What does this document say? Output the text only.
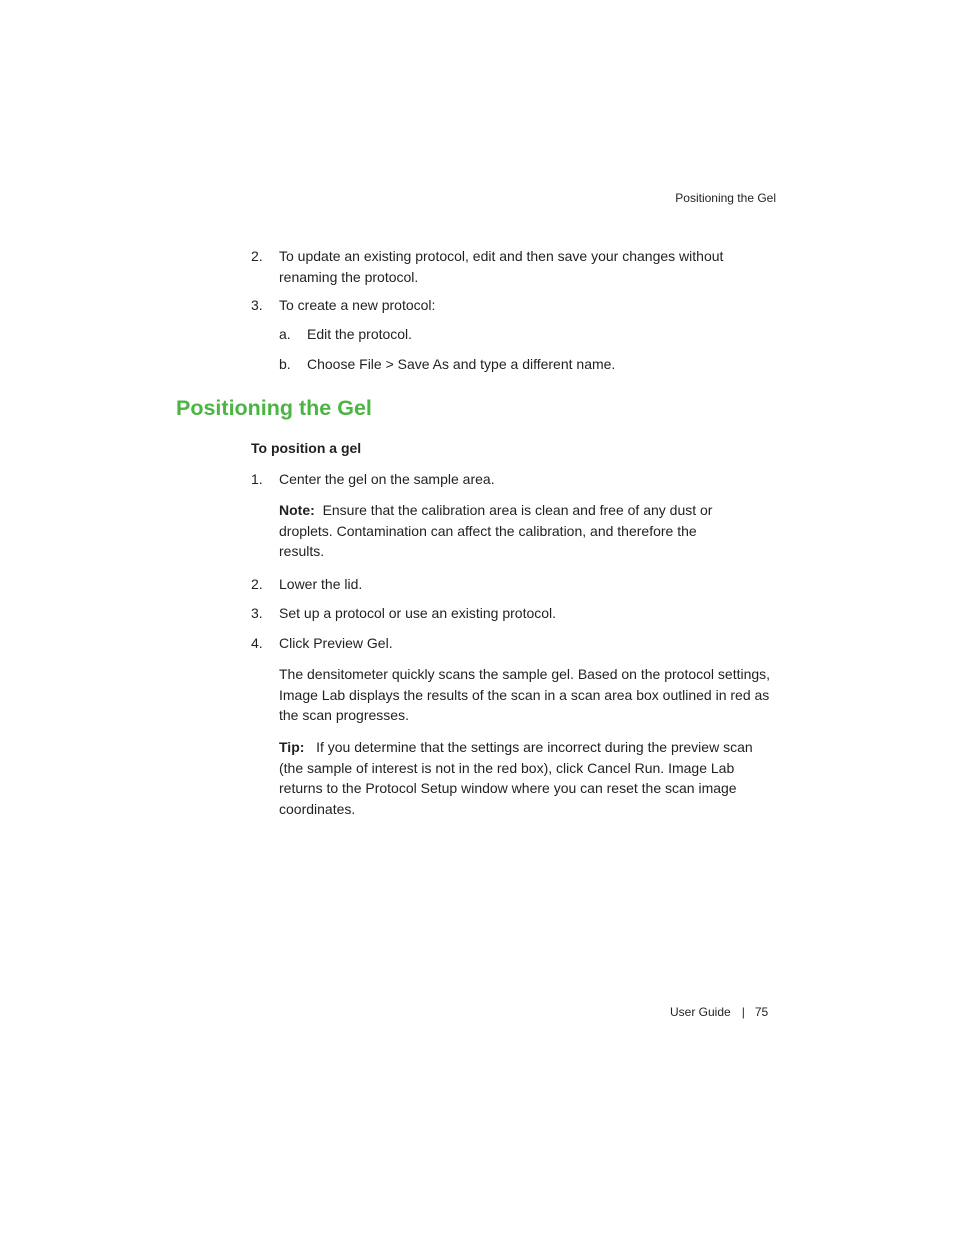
Positioning the Gel
2. To update an existing protocol, edit and then save your changes without renaming the protocol.
3. To create a new protocol:
a. Edit the protocol.
b. Choose File > Save As and type a different name.
Positioning the Gel
To position a gel
1. Center the gel on the sample area.
Note: Ensure that the calibration area is clean and free of any dust or droplets. Contamination can affect the calibration, and therefore the results.
2. Lower the lid.
3. Set up a protocol or use an existing protocol.
4. Click Preview Gel.
The densitometer quickly scans the sample gel. Based on the protocol settings, Image Lab displays the results of the scan in a scan area box outlined in red as the scan progresses.
Tip: If you determine that the settings are incorrect during the preview scan (the sample of interest is not in the red box), click Cancel Run. Image Lab returns to the Protocol Setup window where you can reset the scan image coordinates.
User Guide | 75
